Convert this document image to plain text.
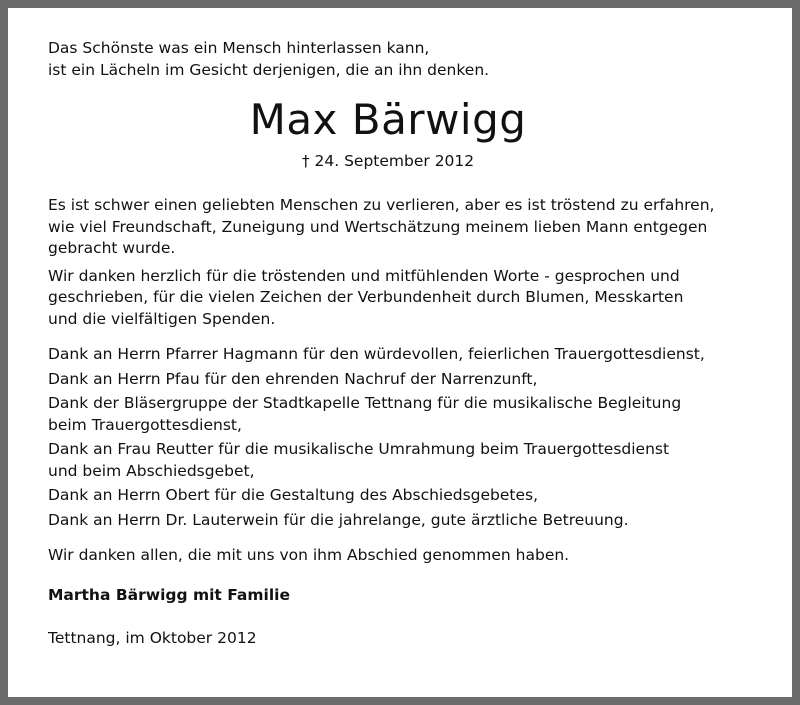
Das Schönste was ein Mensch hinterlassen kann,

ist ein Lächeln im Gesicht derjenigen, die an ihn denken.

Max Bärwigg
† 24. September 2012

Es ist schwer einen geliebten Menschen zu verlieren, aber es ist tröstend zu erfahren,

wie viel Freundschaft, Zuneigung und Wertschätzung meinem lieben Mann entgegen

gebracht wurde.

Wir danken herzlich für die tröstenden und mitfühlenden Worte - gesprochen und

geschrieben, für die vielen Zeichen der Verbundenheit durch Blumen, Messkarten

und die vielfältigen Spenden.

Dank an Herrn Pfarrer Hagmann für den würdevollen, feierlichen Trauergottesdienst,

Dank an Herrn Pfau für den ehrenden Nachruf der Narrenzunft,

Dank der Bläsergruppe der Stadtkapelle Tettnang für die musikalische Begleitung

beim Trauergottesdienst,

Dank an Frau Reutter für die musikalische Umrahmung beim Trauergottesdienst

und beim Abschiedsgebet,

Dank an Herrn Obert für die Gestaltung des Abschiedsgebetes,

Dank an Herrn Dr. Lauterwein für die jahrelange, gute ärztliche Betreuung.

Wir danken allen, die mit uns von ihm Abschied genommen haben.

Martha Bärwigg mit Familie

Tettnang, im Oktober 2012
